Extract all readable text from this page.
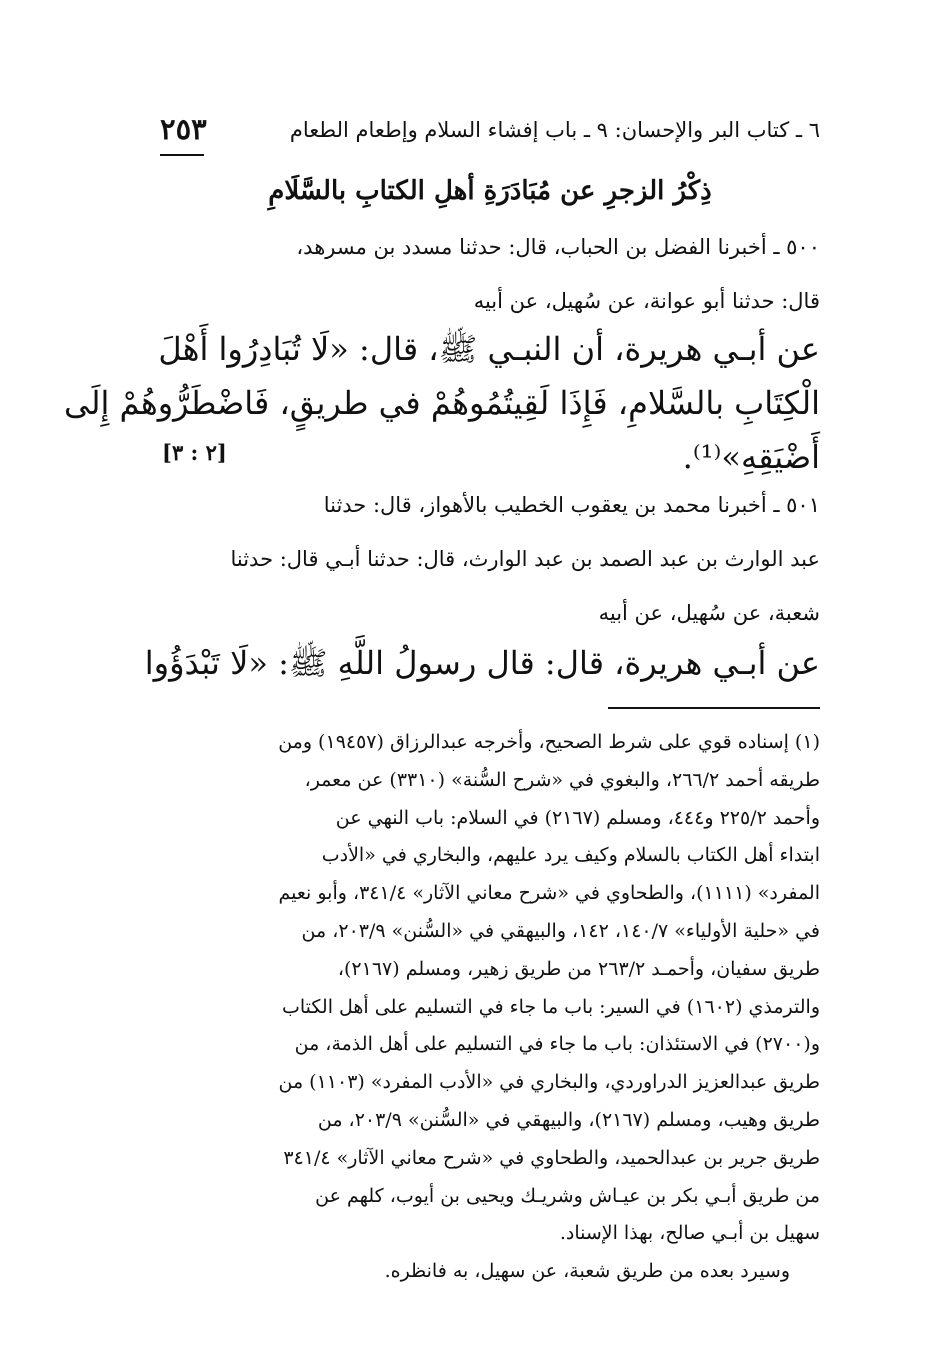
٦ ـ كتاب البر والإحسان: ٩ ـ باب إفشاء السلام وإطعام الطعام
٢٥٣
ذِكْرُ الزجرِ عن مُبَادَرَةِ أهلِ الكتابِ بالسَّلَامِ
٥٠٠ ـ أخبرنا الفضل بن الحباب، قال: حدثنا مسدد بن مسرهد،
قال: حدثنا أبو عوانة، عن سُهيل، عن أبيه
عن أبـي هريرة، أن النبـي ﷺ، قال: «لَا تُبَادِرُوا أَهْلَ
الْكِتَابِ بالسَّلامِ، فَإِذَا لَقِيتُمُوهُمْ في طريقٍ، فَاضْطَرُّوهُمْ إِلَى
أَضْيَقِهِ»⁽¹⁾.
[٢ : ٣]
٥٠١ ـ أخبرنا محمد بن يعقوب الخطيب بالأهواز، قال: حدثنا
عبد الوارث بن عبد الصمد بن عبد الوارث، قال: حدثنا أبـي قال: حدثنا
شعبة، عن سُهيل، عن أبيه
عن أبـي هريرة، قال: قال رسولُ اللَّهِ ﷺ: «لَا تَبْدَؤُوا
(١) إسناده قوي على شرط الصحيح، وأخرجه عبدالرزاق (١٩٤٥٧) ومن
طريقه أحمد ٢٦٦/٢، والبغوي في «شرح السُّنة» (٣٣١٠) عن معمر،
وأحمد ٢٢٥/٢ و٤٤٤، ومسلم (٢١٦٧) في السلام: باب النهي عن
ابتداء أهل الكتاب بالسلام وكيف يرد عليهم، والبخاري في «الأدب
المفرد» (١١١١)، والطحاوي في «شرح معاني الآثار» ٣٤١/٤، وأبو نعيم
في «حلية الأولياء» ١٤٠/٧، ١٤٢، والبيهقي في «السُّنن» ٢٠٣/٩، من
طريق سفيان، وأحمـد ٢٦٣/٢ من طريق زهير، ومسلم (٢١٦٧)،
والترمذي (١٦٠٢) في السير: باب ما جاء في التسليم على أهل الكتاب
و(٢٧٠٠) في الاستئذان: باب ما جاء في التسليم على أهل الذمة، من
طريق عبدالعزيز الدراوردي، والبخاري في «الأدب المفرد» (١١٠٣) من
طريق وهيب، ومسلم (٢١٦٧)، والبيهقي في «السُّنن» ٢٠٣/٩، من
طريق جرير بن عبدالحميد، والطحاوي في «شرح معاني الآثار» ٣٤١/٤
من طريق أبـي بكر بن عيـاش وشريـك ويحيى بن أيوب، كلهم عن
سهيل بن أبـي صالح، بهذا الإسناد.
وسيرد بعده من طريق شعبة، عن سهيل، به فانظره.
